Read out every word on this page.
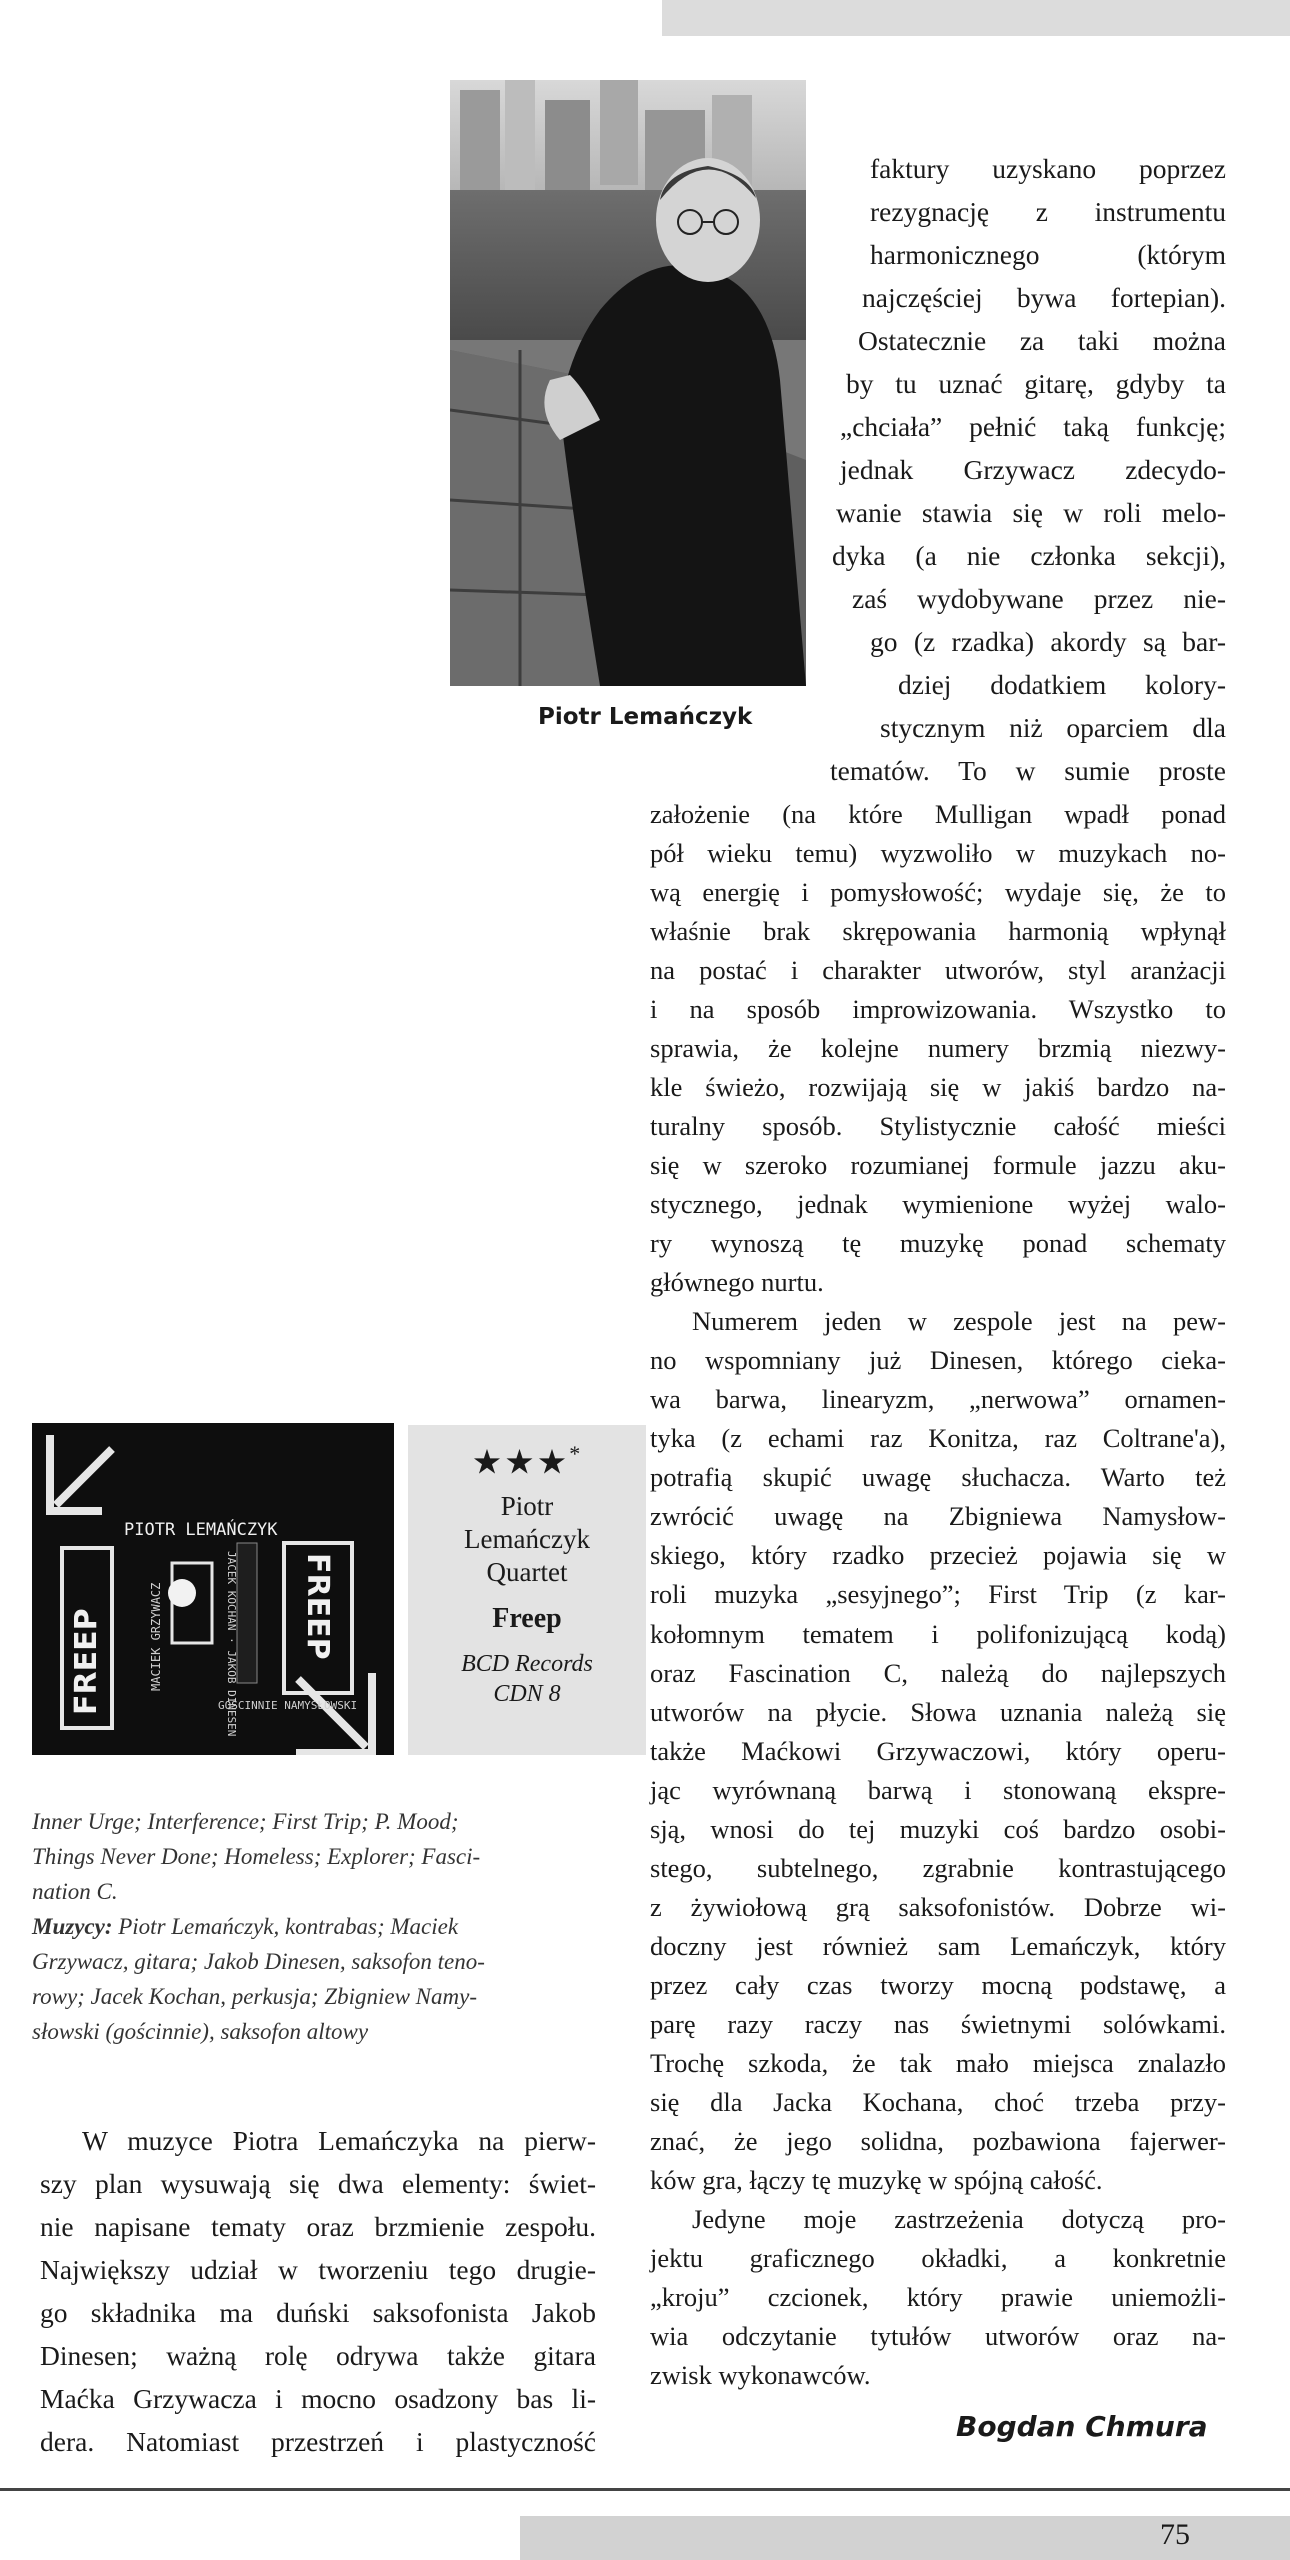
Piotr Lemańczyk
faktury uzyskano poprzez
rezygnację z instrumentu
harmonicznego (którym
najczęściej bywa fortepian).
Ostatecznie za taki można
by tu uznać gitarę, gdyby ta
„chciała” pełnić taką funkcję;
jednak Grzywacz zdecydo-
wanie stawia się w roli melo-
dyka (a nie członka sekcji),
zaś wydobywane przez nie-
go (z rzadka) akordy są bar-
dziej dodatkiem kolory-
stycznym niż oparciem dla
tematów. To w sumie proste
założenie (na które Mulligan wpadł ponad
pół wieku temu) wyzwoliło w muzykach no-
wą energię i pomysłowość; wydaje się, że to
właśnie brak skrępowania harmonią wpłynął
na postać i charakter utworów, styl aranżacji
i na sposób improwizowania. Wszystko to
sprawia, że kolejne numery brzmią niezwy-
kle świeżo, rozwijają się w jakiś bardzo na-
turalny sposób. Stylistycznie całość mieści
się w szeroko rozumianej formule jazzu aku-
stycznego, jednak wymienione wyżej walo-
ry wynoszą tę muzykę ponad schematy
głównego nurtu.
Numerem jeden w zespole jest na pew-
no wspomniany już Dinesen, którego cieka-
wa barwa, linearyzm, „nerwowa” ornamen-
tyka (z echami raz Konitza, raz Coltrane'a),
potrafią skupić uwagę słuchacza. Warto też
zwrócić uwagę na Zbigniewa Namysłow-
skiego, który rzadko przecież pojawia się w
roli muzyka „sesyjnego”; First Trip (z kar-
kołomnym tematem i polifonizującą kodą)
oraz Fascination C, należą do najlepszych
utworów na płycie. Słowa uznania należą się
także Maćkowi Grzywaczowi, który operu-
jąc wyrównaną barwą i stonowaną ekspre-
sją, wnosi do tej muzyki coś bardzo osobi-
stego, subtelnego, zgrabnie kontrastującego
z żywiołową grą saksofonistów. Dobrze wi-
doczny jest również sam Lemańczyk, który
przez cały czas tworzy mocną podstawę, a
parę razy raczy nas świetnymi solówkami.
Trochę szkoda, że tak mało miejsca znalazło
się dla Jacka Kochana, choć trzeba przy-
znać, że jego solidna, pozbawiona fajerwer-
ków gra, łączy tę muzykę w spójną całość.
Jedyne moje zastrzeżenia dotyczą pro-
jektu graficznego okładki, a konkretnie
„kroju” czcionek, który prawie uniemożli-
wia odczytanie tytułów utworów oraz na-
zwisk wykonawców.
PIOTR LEMAŃCZYK
FREEP
FREEP
MACIEK GRZYWACZ	JACEK KOCHAN · JAKOB DINESEN
GOŚCINNIE NAMYSŁOWSKI
★★★*
Piotr
Lemańczyk
Quartet
Freep
BCD Records
CDN 8
Inner Urge; Interference; First Trip; P. Mood;
Things Never Done; Homeless; Explorer; Fasci-
nation C.
Muzycy: Piotr Lemańczyk, kontrabas; Maciek
Grzywacz, gitara; Jakob Dinesen, saksofon teno-
rowy; Jacek Kochan, perkusja; Zbigniew Namy-
słowski (gościnnie), saksofon altowy
W muzyce Piotra Lemańczyka na pierw-
szy plan wysuwają się dwa elementy: świet-
nie napisane tematy oraz brzmienie zespołu.
Największy udział w tworzeniu tego drugie-
go składnika ma duński saksofonista Jakob
Dinesen; ważną rolę odrywa także gitara
Maćka Grzywacza i mocno osadzony bas li-
dera. Natomiast przestrzeń i plastyczność	Bogdan Chmura
75
